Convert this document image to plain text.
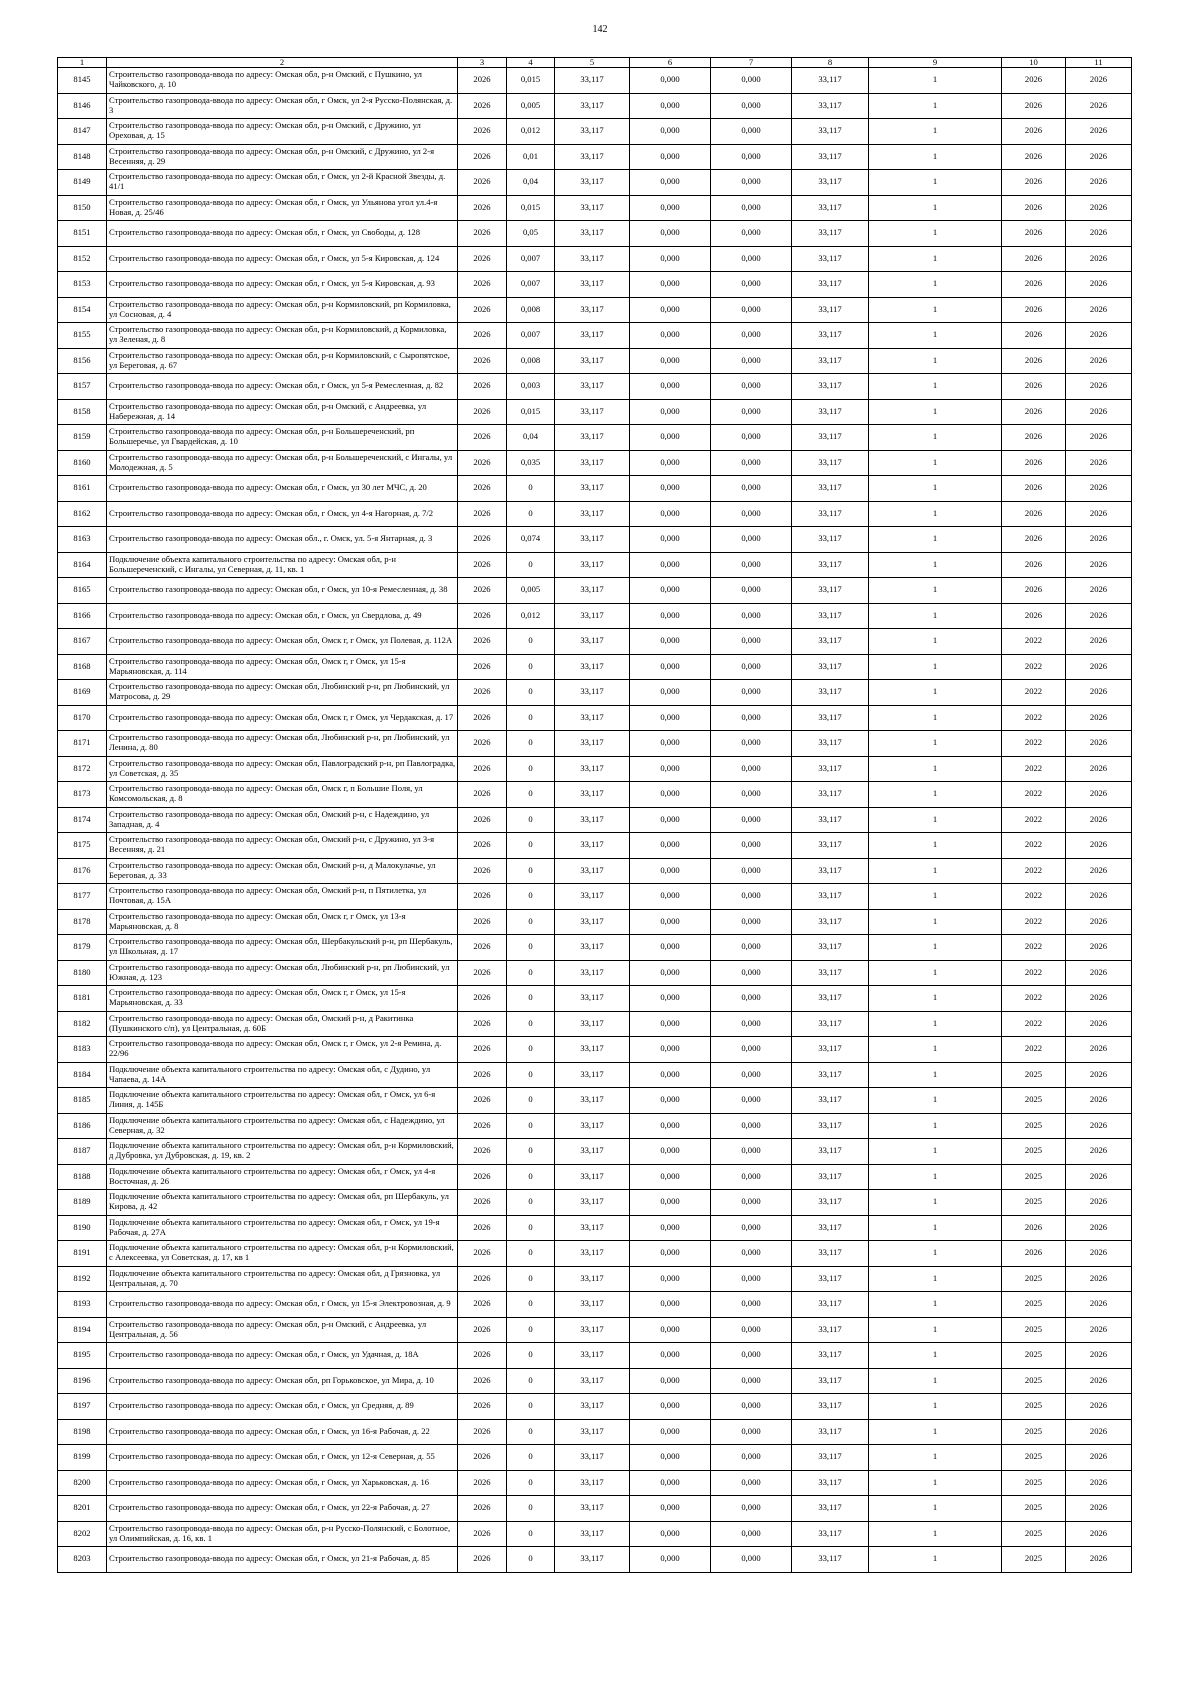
142
1	2	3	4	5	6	7	8	9	10	11
8145	Строительство газопровода-ввода по адресу: Омская обл, р-н Омский, с Пушкино, ул Чайковского, д. 10	2026	0,015	33,117	0,000	0,000	33,117	1	2026	2026
8146	Строительство газопровода-ввода по адресу: Омская обл, г Омск, ул 2-я Русско-Полянская, д. 3	2026	0,005	33,117	0,000	0,000	33,117	1	2026	2026
8147	Строительство газопровода-ввода по адресу: Омская обл, р-н Омский, с Дружино, ул Ореховая, д. 15	2026	0,012	33,117	0,000	0,000	33,117	1	2026	2026
8148	Строительство газопровода-ввода по адресу: Омская обл, р-н Омский, с Дружино, ул 2-я Весенняя, д. 29	2026	0,01	33,117	0,000	0,000	33,117	1	2026	2026
8149	Строительство газопровода-ввода по адресу: Омская обл, г Омск, ул 2-й Красной Звезды, д. 41/1	2026	0,04	33,117	0,000	0,000	33,117	1	2026	2026
8150	Строительство газопровода-ввода по адресу: Омская обл, г Омск, ул Ульянова угол ул.4-я Новая, д. 25/46	2026	0,015	33,117	0,000	0,000	33,117	1	2026	2026
8151	Строительство газопровода-ввода по адресу: Омская обл, г Омск, ул Свободы, д. 128	2026	0,05	33,117	0,000	0,000	33,117	1	2026	2026
8152	Строительство газопровода-ввода по адресу: Омская обл, г Омск, ул 5-я Кировская, д. 124	2026	0,007	33,117	0,000	0,000	33,117	1	2026	2026
8153	Строительство газопровода-ввода по адресу: Омская обл, г Омск, ул 5-я Кировская, д. 93	2026	0,007	33,117	0,000	0,000	33,117	1	2026	2026
8154	Строительство газопровода-ввода по адресу: Омская обл, р-н Кормиловский, рп Кормиловка, ул Сосновая, д. 4	2026	0,008	33,117	0,000	0,000	33,117	1	2026	2026
8155	Строительство газопровода-ввода по адресу: Омская обл, р-н Кормиловский, д Кормиловка, ул Зеленая, д. 8	2026	0,007	33,117	0,000	0,000	33,117	1	2026	2026
8156	Строительство газопровода-ввода по адресу: Омская обл, р-н Кормиловский, с Сыропятское, ул Береговая, д. 67	2026	0,008	33,117	0,000	0,000	33,117	1	2026	2026
8157	Строительство газопровода-ввода по адресу: Омская обл, г Омск, ул 5-я Ремесленная, д. 82	2026	0,003	33,117	0,000	0,000	33,117	1	2026	2026
8158	Строительство газопровода-ввода по адресу: Омская обл, р-н Омский, с Андреевка, ул Набережная, д. 14	2026	0,015	33,117	0,000	0,000	33,117	1	2026	2026
8159	Строительство газопровода-ввода по адресу: Омская обл, р-н Большереченский, рп Большеречье, ул Гвардейская, д. 10	2026	0,04	33,117	0,000	0,000	33,117	1	2026	2026
8160	Строительство газопровода-ввода по адресу: Омская обл, р-н Большереченский, с Ингалы, ул Молодежная, д. 5	2026	0,035	33,117	0,000	0,000	33,117	1	2026	2026
8161	Строительство газопровода-ввода по адресу: Омская обл, г Омск, ул 30 лет МЧС, д. 20	2026	0	33,117	0,000	0,000	33,117	1	2026	2026
8162	Строительство газопровода-ввода по адресу: Омская обл, г Омск, ул 4-я Нагорная, д. 7/2	2026	0	33,117	0,000	0,000	33,117	1	2026	2026
8163	Строительство газопровода-ввода по адресу: Омская обл., г. Омск, ул. 5-я Янтарная, д. 3	2026	0,074	33,117	0,000	0,000	33,117	1	2026	2026
8164	Подключение объекта капитального строительства по адресу: Омская обл, р-н Большереченский, с Ингалы, ул Северная, д. 11, кв. 1	2026	0	33,117	0,000	0,000	33,117	1	2026	2026
8165	Строительство газопровода-ввода по адресу: Омская обл, г Омск, ул 10-я Ремесленная, д. 38	2026	0,005	33,117	0,000	0,000	33,117	1	2026	2026
8166	Строительство газопровода-ввода по адресу: Омская обл, г Омск, ул Свердлова, д. 49	2026	0,012	33,117	0,000	0,000	33,117	1	2026	2026
8167	Строительство газопровода-ввода по адресу: Омская обл, Омск г, г Омск, ул Полевая, д. 112А	2026	0	33,117	0,000	0,000	33,117	1	2022	2026
8168	Строительство газопровода-ввода по адресу: Омская обл, Омск г, г Омск, ул 15-я Марьяновская, д. 114	2026	0	33,117	0,000	0,000	33,117	1	2022	2026
8169	Строительство газопровода-ввода по адресу: Омская обл, Любинский р-н, рп Любинский, ул Матросова, д. 29	2026	0	33,117	0,000	0,000	33,117	1	2022	2026
8170	Строительство газопровода-ввода по адресу: Омская обл, Омск г, г Омск, ул Чердакская, д. 17	2026	0	33,117	0,000	0,000	33,117	1	2022	2026
8171	Строительство газопровода-ввода по адресу: Омская обл, Любинский р-н, рп Любинский, ул Ленина, д. 80	2026	0	33,117	0,000	0,000	33,117	1	2022	2026
8172	Строительство газопровода-ввода по адресу: Омская обл, Павлоградский р-н, рп Павлоградка, ул Советская, д. 35	2026	0	33,117	0,000	0,000	33,117	1	2022	2026
8173	Строительство газопровода-ввода по адресу: Омская обл, Омск г, п Большие Поля, ул Комсомольская, д. 8	2026	0	33,117	0,000	0,000	33,117	1	2022	2026
8174	Строительство газопровода-ввода по адресу: Омская обл, Омский р-н, с Надеждино, ул Западная, д. 4	2026	0	33,117	0,000	0,000	33,117	1	2022	2026
8175	Строительство газопровода-ввода по адресу: Омская обл, Омский р-н, с Дружино, ул 3-я Весенняя, д. 21	2026	0	33,117	0,000	0,000	33,117	1	2022	2026
8176	Строительство газопровода-ввода по адресу: Омская обл, Омский р-н, д Малокулачье, ул Береговая, д. 33	2026	0	33,117	0,000	0,000	33,117	1	2022	2026
8177	Строительство газопровода-ввода по адресу: Омская обл, Омский р-н, п Пятилетка, ул Почтовая, д. 15А	2026	0	33,117	0,000	0,000	33,117	1	2022	2026
8178	Строительство газопровода-ввода по адресу: Омская обл, Омск г, г Омск, ул 13-я Марьяновская, д. 8	2026	0	33,117	0,000	0,000	33,117	1	2022	2026
8179	Строительство газопровода-ввода по адресу: Омская обл, Шербакульский р-н, рп Шербакуль, ул Школьная, д. 17	2026	0	33,117	0,000	0,000	33,117	1	2022	2026
8180	Строительство газопровода-ввода по адресу: Омская обл, Любинский р-н, рп Любинский, ул Южная, д. 123	2026	0	33,117	0,000	0,000	33,117	1	2022	2026
8181	Строительство газопровода-ввода по адресу: Омская обл, Омск г, г Омск, ул 15-я Марьяновская, д. 33	2026	0	33,117	0,000	0,000	33,117	1	2022	2026
8182	Строительство газопровода-ввода по адресу: Омская обл, Омский р-н, д Ракитинка (Пушкинского с/п), ул Центральная, д. 60Б	2026	0	33,117	0,000	0,000	33,117	1	2022	2026
8183	Строительство газопровода-ввода по адресу: Омская обл, Омск г, г Омск, ул 2-я Ремина, д. 22/96	2026	0	33,117	0,000	0,000	33,117	1	2022	2026
8184	Подключение объекта капитального строительства по адресу: Омская обл, с Дудино, ул Чапаева, д. 14А	2026	0	33,117	0,000	0,000	33,117	1	2025	2026
8185	Подключение объекта капитального строительства по адресу: Омская обл, г Омск, ул 6-я Линия, д. 145Б	2026	0	33,117	0,000	0,000	33,117	1	2025	2026
8186	Подключение объекта капитального строительства по адресу: Омская обл, с Надеждино, ул Северная, д. 32	2026	0	33,117	0,000	0,000	33,117	1	2025	2026
8187	Подключение объекта капитального строительства по адресу: Омская обл, р-н Кормиловский, д Дубровка, ул Дубровская, д. 19, кв. 2	2026	0	33,117	0,000	0,000	33,117	1	2025	2026
8188	Подключение объекта капитального строительства по адресу: Омская обл, г Омск, ул 4-я Восточная, д. 26	2026	0	33,117	0,000	0,000	33,117	1	2025	2026
8189	Подключение объекта капитального строительства по адресу: Омская обл, рп Шербакуль, ул Кирова, д. 42	2026	0	33,117	0,000	0,000	33,117	1	2025	2026
8190	Подключение объекта капитального строительства по адресу: Омская обл, г Омск, ул 19-я Рабочая, д. 27А	2026	0	33,117	0,000	0,000	33,117	1	2026	2026
8191	Подключение объекта капитального строительства по адресу: Омская обл, р-н Кормиловский, с Алексеевка, ул Советская, д. 17, кв 1	2026	0	33,117	0,000	0,000	33,117	1	2026	2026
8192	Подключение объекта капитального строительства по адресу: Омская обл, д Грязновка, ул Центральная, д. 70	2026	0	33,117	0,000	0,000	33,117	1	2025	2026
8193	Строительство газопровода-ввода по адресу: Омская обл, г Омск, ул 15-я Электровозная, д. 9	2026	0	33,117	0,000	0,000	33,117	1	2025	2026
8194	Строительство газопровода-ввода по адресу: Омская обл, р-н Омский, с Андреевка, ул Центральная, д. 56	2026	0	33,117	0,000	0,000	33,117	1	2025	2026
8195	Строительство газопровода-ввода по адресу: Омская обл, г Омск, ул Удачная, д. 18А	2026	0	33,117	0,000	0,000	33,117	1	2025	2026
8196	Строительство газопровода-ввода по адресу: Омская обл, рп Горьковское, ул Мира, д. 10	2026	0	33,117	0,000	0,000	33,117	1	2025	2026
8197	Строительство газопровода-ввода по адресу: Омская обл, г Омск, ул Средняя, д. 89	2026	0	33,117	0,000	0,000	33,117	1	2025	2026
8198	Строительство газопровода-ввода по адресу: Омская обл, г Омск, ул 16-я Рабочая, д. 22	2026	0	33,117	0,000	0,000	33,117	1	2025	2026
8199	Строительство газопровода-ввода по адресу: Омская обл, г Омск, ул 12-я Северная, д. 55	2026	0	33,117	0,000	0,000	33,117	1	2025	2026
8200	Строительство газопровода-ввода по адресу: Омская обл, г Омск, ул Харьковская, д. 16	2026	0	33,117	0,000	0,000	33,117	1	2025	2026
8201	Строительство газопровода-ввода по адресу: Омская обл, г Омск, ул 22-я Рабочая, д. 27	2026	0	33,117	0,000	0,000	33,117	1	2025	2026
8202	Строительство газопровода-ввода по адресу: Омская обл, р-н Русско-Полянский, с Болотное, ул Олимпийская, д. 16, кв. 1	2026	0	33,117	0,000	0,000	33,117	1	2025	2026
8203	Строительство газопровода-ввода по адресу: Омская обл, г Омск, ул 21-я Рабочая, д. 85	2026	0	33,117	0,000	0,000	33,117	1	2025	2026
